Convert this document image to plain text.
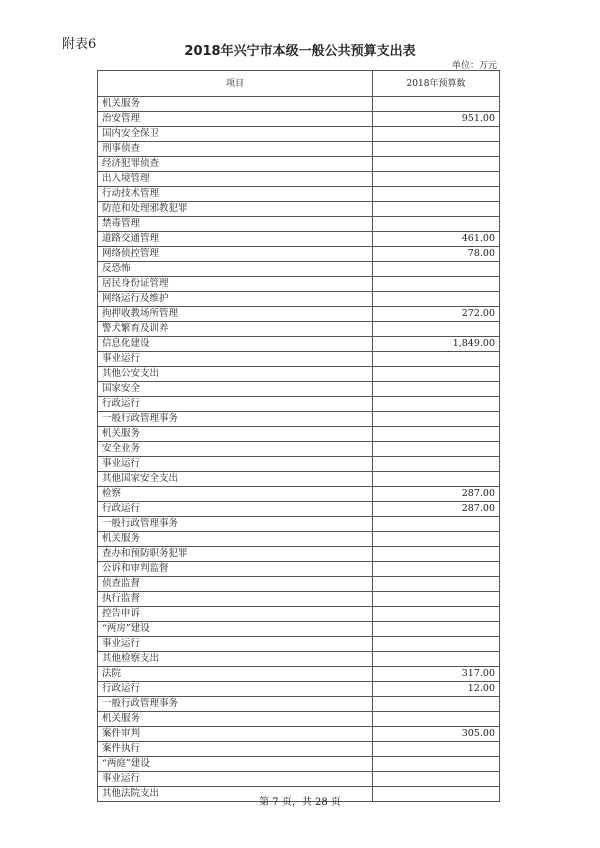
附表6	2018年兴宁市本级一般公共预算支出表
单位：万元
项目	2018年预算数
机关服务	
治安管理	951.00
国内安全保卫	
刑事侦查	
经济犯罪侦查	
出入境管理	
行动技术管理	
防范和处理邪教犯罪	
禁毒管理	
道路交通管理	461.00
网络侦控管理	78.00
反恐怖	
居民身份证管理	
网络运行及维护	
拘押收教场所管理	272.00
警犬繁育及训养	
信息化建设	1,849.00
事业运行	
其他公安支出	
国家安全	
行政运行	
一般行政管理事务	
机关服务	
安全业务	
事业运行	
其他国家安全支出	
检察	287.00
行政运行	287.00
一般行政管理事务	
机关服务	
查办和预防职务犯罪	
公诉和审判监督	
侦查监督	
执行监督	
控告申诉	
“两房”建设	
事业运行	
其他检察支出	
法院	317.00
行政运行	12.00
一般行政管理事务	
机关服务	
案件审判	305.00
案件执行	
“两庭”建设	
事业运行	
其他法院支出	
第 7 页，共 28 页
